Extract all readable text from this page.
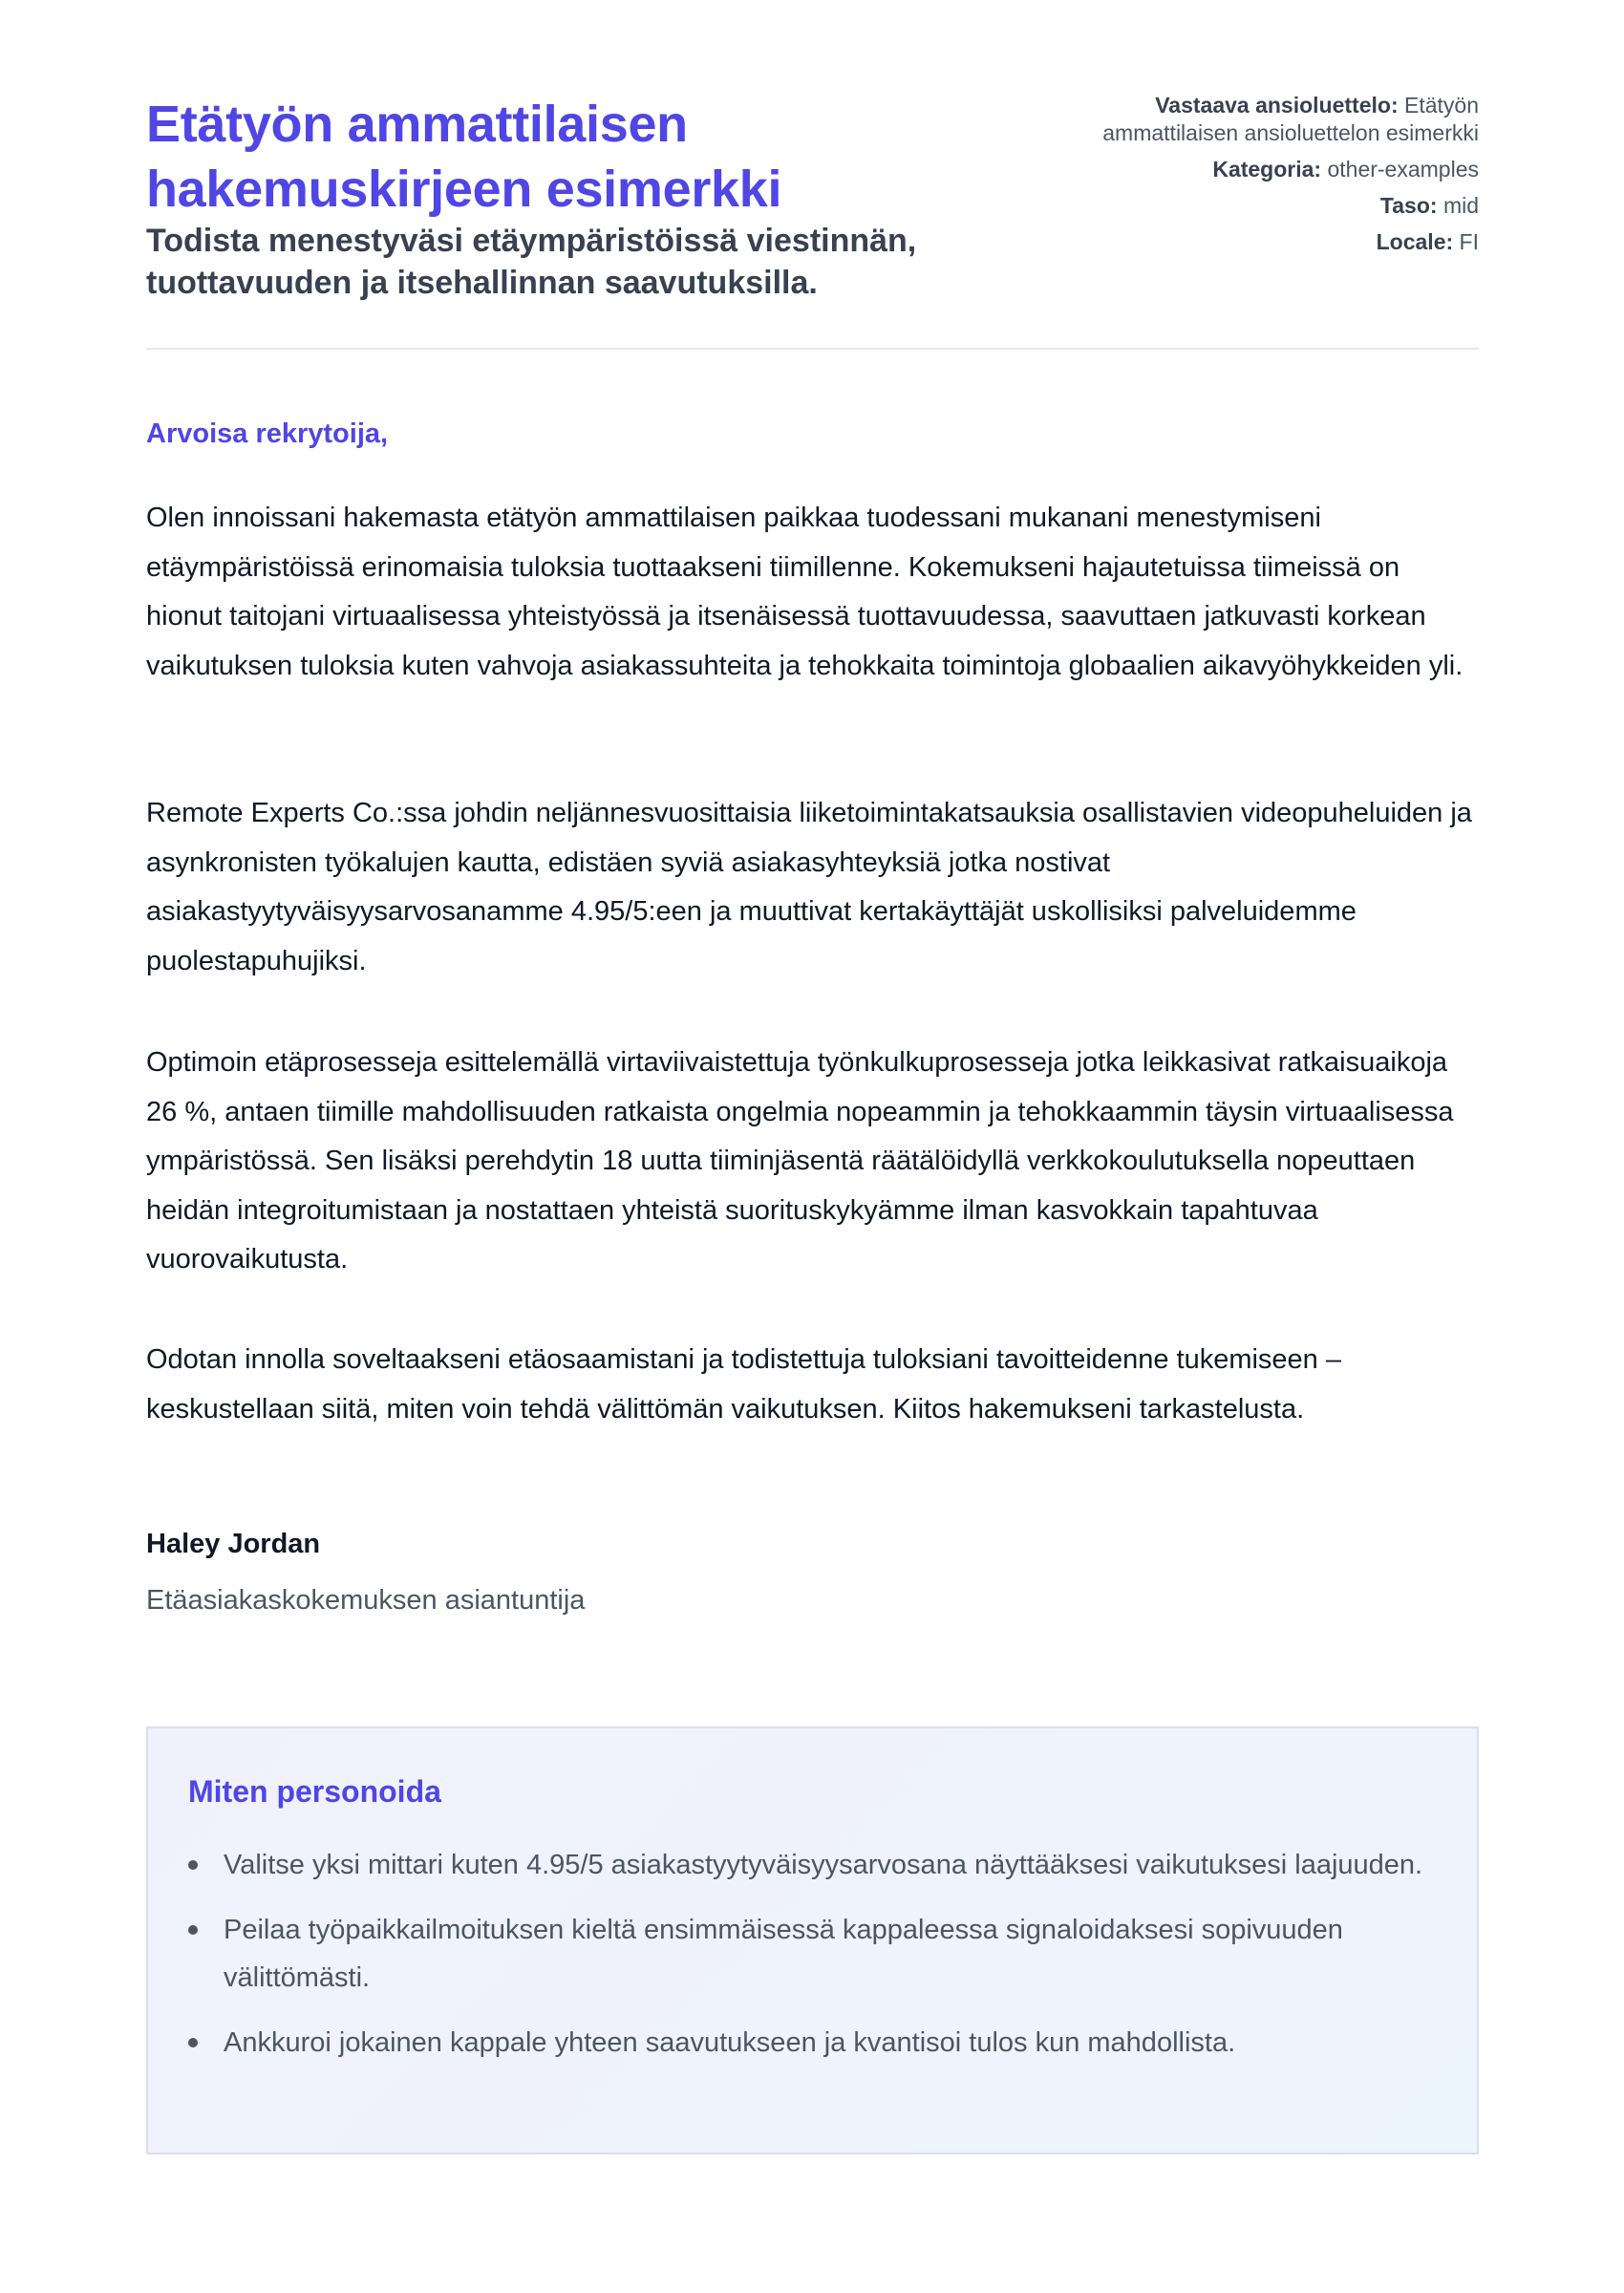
Etätyön ammattilaisen hakemuskirjeen esimerkki

Todista menestyväsi etäympäristöissä viestinnän, tuottavuuden ja itsehallinnan saavutuksilla.

Vastaava ansioluettelo: Etätyön ammattilaisen ansioluettelon esimerkki
Kategoria: other-examples
Taso: mid
Locale: FI

Arvoisa rekrytoija,

Olen innoissani hakemasta etätyön ammattilaisen paikkaa tuodessani mukanani menestymiseni etäympäristöissä erinomaisia tuloksia tuottaakseni tiimillenne. Kokemukseni hajautetuissa tiimeissä on hionut taitojani virtuaalisessa yhteistyössä ja itsenäisessä tuottavuudessa, saavuttaen jatkuvasti korkean vaikutuksen tuloksia kuten vahvoja asiakassuhteita ja tehokkaita toimintoja globaalien aikavyöhykkeiden yli.

Remote Experts Co.:ssa johdin neljännesvuosittaisia liiketoimintakatsauksia osallistavien videopuheluiden ja asynkronisten työkalujen kautta, edistäen syviä asiakasyhteyksiä jotka nostivat asiakastyytyväisyysarvosanamme 4.95/5:een ja muuttivat kertakäyttäjät uskollisiksi palveluidemme puolestapuhujiksi.

Optimoin etäprosesseja esittelemällä virtaviivaistettuja työnkulkuprosesseja jotka leikkasivat ratkaisuaikoja 26 %, antaen tiimille mahdollisuuden ratkaista ongelmia nopeammin ja tehokkaammin täysin virtuaalisessa ympäristössä. Sen lisäksi perehdytin 18 uutta tiiminjäsentä räätälöidyllä verkkokoulutuksella nopeuttaen heidän integroitumistaan ja nostattaen yhteistä suorituskykyämme ilman kasvokkain tapahtuvaa vuorovaikutusta.

Odotan innolla soveltaakseni etäosaamistani ja todistettuja tuloksiani tavoitteidenne tukemiseen – keskustellaan siitä, miten voin tehdä välittömän vaikutuksen. Kiitos hakemukseni tarkastelusta.

Haley Jordan

Etäasiakaskokemuksen asiantuntija

Miten personoida
Valitse yksi mittari kuten 4.95/5 asiakastyytyväisyysarvosana näyttääksesi vaikutuksesi laajuuden.
Peilaa työpaikkailmoituksen kieltä ensimmäisessä kappaleessa signaloidaksesi sopivuuden välittömästi.
Ankkuroi jokainen kappale yhteen saavutukseen ja kvantisoi tulos kun mahdollista.
